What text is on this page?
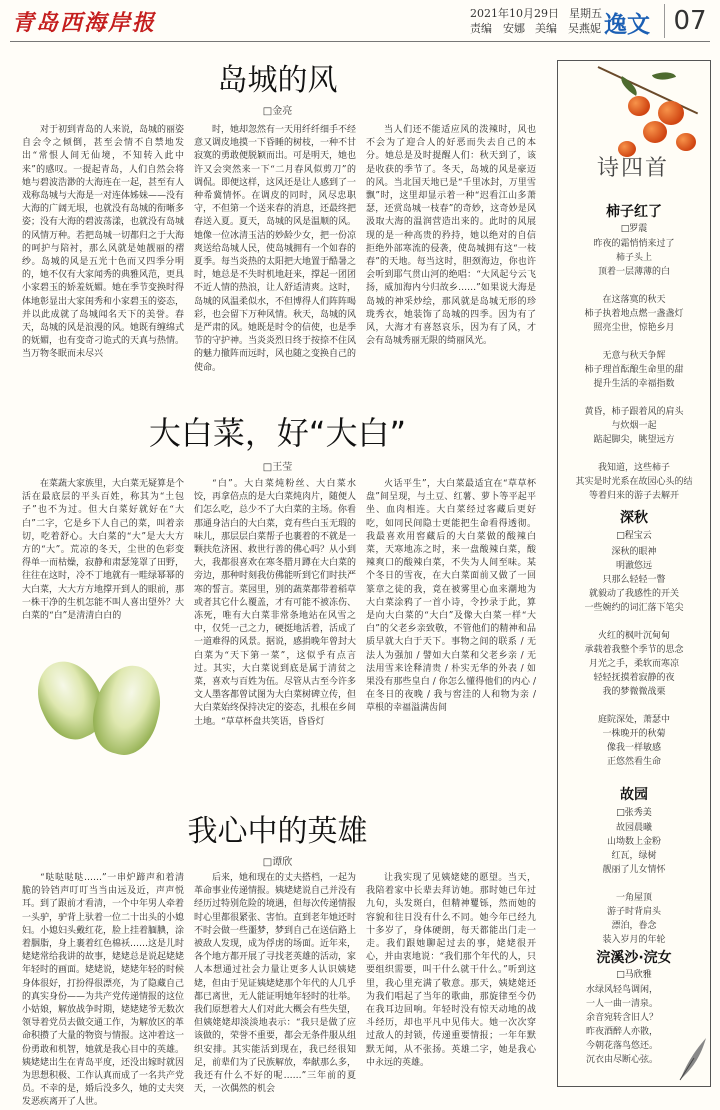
青岛西海岸报	2021年10月29日 星期五
责编　安娜 美编　吴燕妮 逸文 07
岛城的风
□ 金亮

对于初到青岛的人来说，岛城的丽姿自会令之倾倒，甚至会情不自禁地发出“常恨人间无仙境，不知转入此中来”的感叹。一提起青岛，人们自然会将她与碧波浩渺的大海连在一起，甚至有人戏称岛城与大海是一对连体姊妹——没有大海的广阔无垠，也就没有岛城的衔晰多姿；没有大海的碧波荡漾，也就没有岛城的风情万种。若把岛城一切都归之于大海的呵护与陪衬，那么风就是她靓丽的褶纱。岛城的风是五光十色而又四季分明的，她不仅有大家闻秀的典雅风范，更具小家碧玉的娇羞妩媚。她在季节变换时得体地彰显出大家闺秀和小家碧玉的姿态，并以此成就了岛城闻名天下的美誉。春天，岛城的风是浪漫的风。她既有缠绵式的妩媚，也有变奇刁诡式的天真与热情。当万物冬眠而未尽兴

时，她却忽然有一天用纤纤细手不经意又调皮地摸一下昏睡的树枝，一种不甘寂寞的勇敢便脱颖而出。可是明天，她也许又会突然来一下“二月春风似剪刀”的调侃。即便这样，这风还是让人感到了一种希冀情怀。在调皮的同时，风尽忠职守，不但第一个送来春的消息，还最终把春送入夏。夏天，岛城的风是温顺的风。她像一位冰清玉洁的妙龄少女，把一份凉爽送给岛城人民，使岛城拥有一个如春的夏季。每当炎热的太阳把大地置于酷暑之时，她总是不失时机地赶来，撑起一团团不近人情的热浪，让人舒适清爽。这时，岛城的风温柔似水，不但博得人们阵阵喝彩，也会留下万种风情。秋天，岛城的风是严肃的风。她既是时令的信使，也是季节的守护神。当炎炎烈日终于按捺不住风的魅力撤阵而远时，风也随之变换自己的使命。

当人们还不能适应风的泼辣时，风也不会为了迎合人的好恶而失去自己的本分。她总是及时提醒人们：秋天到了，该是收获的季节了。冬天，岛城的风是豪迈的风。当北国天地已是“千里冰封，万里雪飘”时，这里却显示着一种“迟看江山多萧瑟，还赏岛城一枝春”的奇妙，这奇妙是风汲取大海的温润营造出来的。此时的风展现的是一种高贵的矜持，她以绝对的自信拒绝外部寒流的侵袭，使岛城拥有这“一枝春”的天地。每当这时，胆颈海边，你也许会听到耶气贯山河的绝唱：“大风起兮云飞扬，威加海内兮归故乡……”如果说大海是岛城的神采炒绘，那风就是岛城无形的珍珑秀衣，她装饰了岛城的四季。因为有了风，大海才有喜怒哀乐，因为有了风，才会有岛城秀丽无限的绮丽风光。

大白菜，好“大白”
□ 王莹

在菜蔬大家族里，大白菜无疑算是个活在最底层的平头百姓，称其为“土包子”也不为过。但大白菜好就好在“大白”二字，它是乡下人自己的菜，叫着亲切，吃着舒心。大白菜的“大”是大大方方的“大”。荒凉的冬天，尘世的色彩变得单一而枯燥，寂静和肃瑟笼罩了田野，往往在这时，冷不丁地就有一畦绿幂幂的大白菜，大大方方地撑开到人的眼前，那一株干净的生机怎能不叫人喜出望外？大白菜的“白”是清清白白的

“白”。大白菜炖粉丝、大白菜水饺，再拿倍点的是大白菜炖肉片，随便人们怎么吃，总少不了大白菜的主场。你看那通身洁白的大白菜，竟有些白玉无瑕的味儿，那层层白菜帮子也裹着的不就是一颗扶危济困、救世行善的佛心吗？从小到大，我都很喜欢在寒冬腊月蹲在大白菜的旁边，那种时刻我仿佛能听到它们时扶严寒的誓言。菜园里，别的蔬菜都带着稻草或者其它什么覆盖，才有可能不被冻伤、冻死，唯有大白菜非常条地站在风雪之中，仅凭一己之力，硬挺地活着，活成了一道难得的风景。据说，感捐晚年曾封大白菜为“天下第一菜”，这似乎有点言过。其实，大白菜说到底是属于清贫之菜，喜欢与百姓为伍。尽管从古至今许多文人墨客都曾试图为大白菜树碑立传，但大白菜始终保持决定的姿态，扎根在乡间土地。“草草杯盘共笑语，昏昏灯

火话平生”，大白菜最适宜在“草草杯盘”间呈现，与土豆、红薯、萝卜等平起平坐、血肉相连。大白菜经过客藏后更好吃，如同民间隐士更能把生命看得透彻。我最喜欢用窖藏后的大白菜做的酸辣白菜，天寒地冻之时，来一盘酸辣白菜，酸辣爽口的酸辣白菜，不失为人间至味。某个冬日的雪夜，在大白菜面前又做了一回篆章之徒的我，竟在被雾里心血来潮地为大白菜涂鸦了一首小诗，令抄录于此，算是向大白菜的“大白”及像大白菜一样“大白”的父老乡亲致敬，不管他们的精神和品质早就大白于天下。事物之间的联系 / 无法人为强加 / 譬如大白菜和父老乡亲 / 无法用雪来诠释清贵 / 朴实无华的外表 / 如果没有那些皇白 / 你怎么懂得他们的内心 / 在冬日的夜晚 / 我与窖洼的人和物为亲 / 草根的幸福溢满齿间

我心中的英雄
□ 谭欣

“哒哒哒哒……”一串炉蹄声和着清脆的铃铛声叮叮当当由远及近，声声悦耳。到了跟前才看清，一个中年男人牵着一头驴，驴背上驮着一位二十出头的小媳妇。小媳妇头戴红花，脸上挂着腼腆，涂着胭脂，身上裹着红色棉袄……这是儿时姥姥常给我讲的故事，姥姥总是说起姥姥年轻时的画面。姥姥说，姥姥年轻的时候身体很好，打扮得很漂亮，为了隐藏自己的真实身份——为共产党传递情报的这位小姑娘，解放战争时期，姥姥姥爷无数次领导着党员去做交通工作，为解放区的革命积攒了大量的物资与情报。这冲着这一份勇敢和机智，她就是我心目中的英雄。姨姥姥出生在青岛平度，还没出嫁时就因为思想积极、工作认真而成了一名共产党员。不幸的是，婚后没多久，她的丈夫突发恶疾离开了人世。

后来，她和现在的丈夫搭档，一起为革命事业传递情报。姨姥姥说自己并没有经历过特别危险的境遇，但每次传递情报时心里都很紧张、害怕。直到老年她还时不时会做一些噩梦，梦到自己在送信路上被敌人发现，成为俘虏的场面。近年来，各个地方都开展了寻找老英雄的活动，家人本想通过社会力量让更多人认识姨姥姥，但由于见证姨姥姥那个年代的人几乎都已离世，无人能证明她年轻时的壮举。我们原想着大人们对此大概会有些失望，但姨姥姥却淡淡地表示：“我只是做了应该做的，荣誉不重要，都会无条件服从组织安排。其实能活到现在，我已经很知足，前辈们为了民族解放，奉献那么多，我还有什么不好的呢……”三年前的夏天，一次偶然的机会

让我实现了见姨姥姥的愿望。当天，我陪着家中长辈去拜访她。那时她已年过九旬，头发斑白，但精神矍铄，然而她的容貌和往日没有什么不同。她今年已经九十多岁了，身体硬朗，每天都能出门走一走。我们跟她聊起过去的事，姥姥很开心，并由衷地说：“我们那个年代的人，只要组织需要，叫干什么就干什么。”听到这里，我心里充满了敬意。那天，姨姥姥还为我们唱起了当年的歌曲，那旋律至今仍在我耳边回响。年轻时没有惊天动地的战斗经历，却也平凡中见伟大。她一次次穿过敌人的封锁，传递重要情报；一年年默默无闻，从不张扬。英雄二字，她是我心中永远的英雄。

诗四首
柿子红了
□ 罗震
昨夜的霜悄悄来过了
柿子头上
顶着一层薄薄的白

在这落寞的秋天
柿子执着地点燃一盏盏灯
照亮尘世，惊艳乡月

无意与秋天争辉
柿子理首酝酿生命里的甜
提升生活的幸福指数

黄昏，柿子跟着风的肩头
与炊烟一起
踮起脚尖，眺望远方

我知道，这些柿子
其实是时光系在故园心头的结
等着归来的游子去解开
深秋
□ 程宝云
深秋的眼神
明澈悠远
只那么轻轻一瞥
就毅动了我感性的开关
一些婉约的词汇落下笔尖

火红的枫叶沉甸甸
承载着我整个季节的思念
月光之手，柔软而寒凉
轻轻抚摸着寂静的夜
我的梦微微战栗

庭院深处，萧瑟中
一株晚开的秋菊
像我一样敏感
正悠然看生命
故园
□ 张秀美
故园晨曦
山坳数上金粉
红瓦，绿树
靓丽了儿女情怀

一角屋顶
游子时背肩头
漂泊，眷念
装入岁月的年轮
浣溪沙·浣女
□ 马欣雅
水绿风轻鸟调闲，
一人一曲一清泉。
余音宛转含旧人？
昨夜酒醉人亦散，
今朝花落鸟悠还。
沉衣由尽断心弦。
